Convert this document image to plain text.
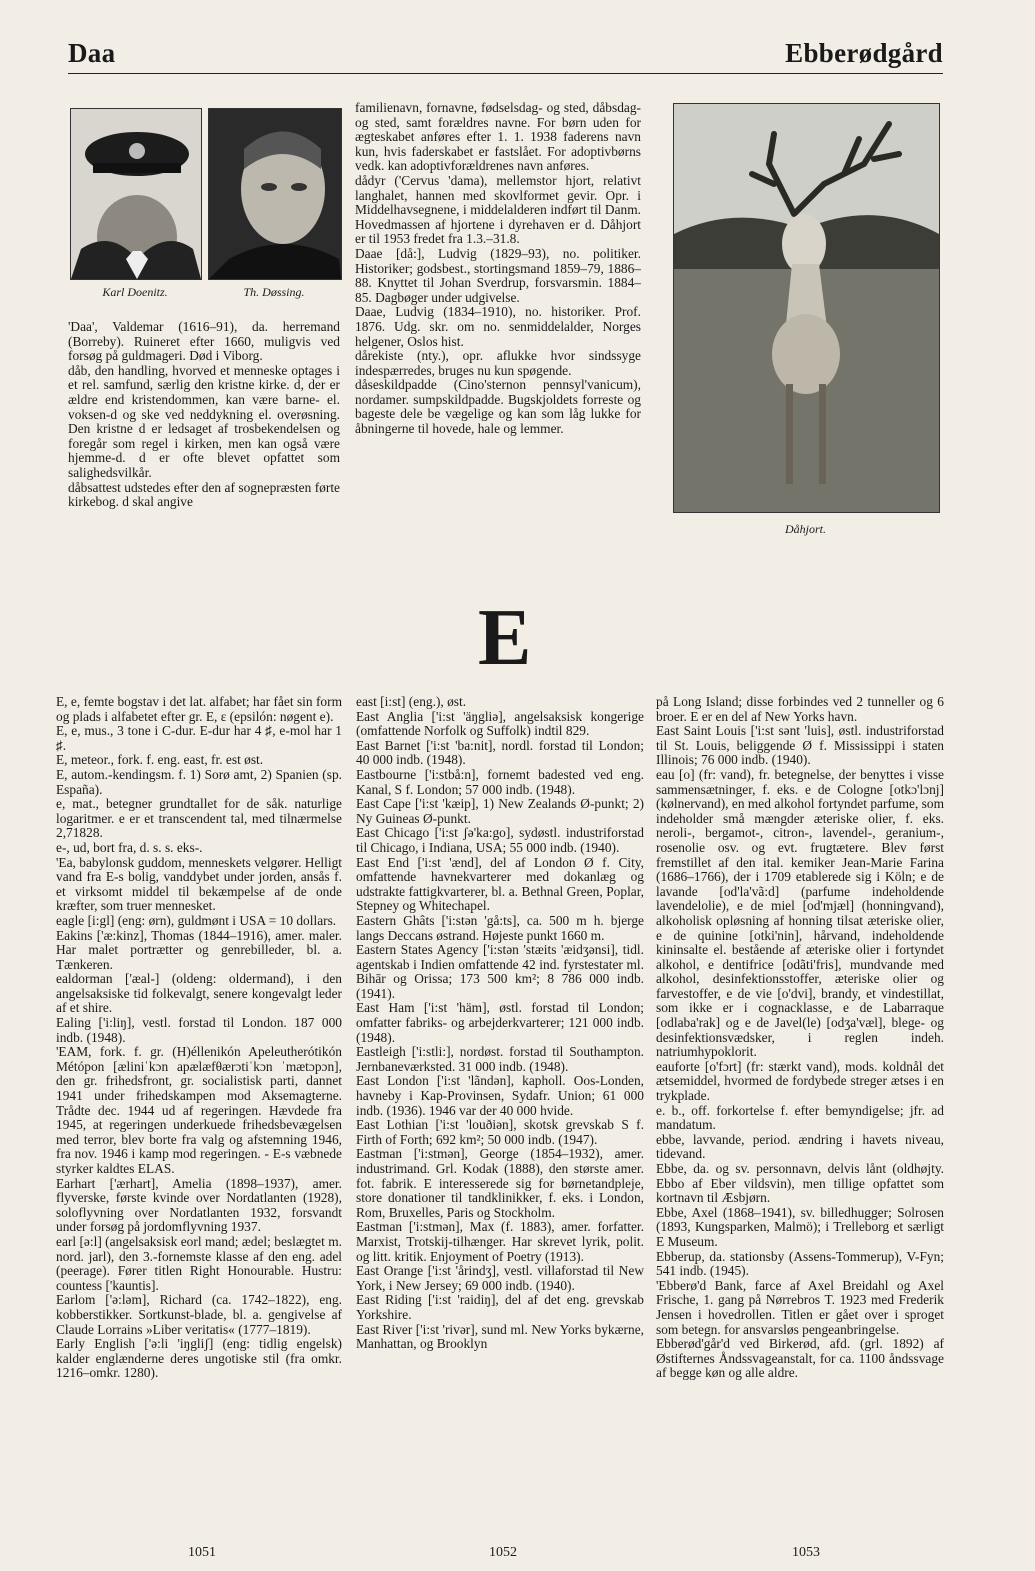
Daa	Ebberødgård
Karl Doenitz.	Th. Døssing.

'Daa', Valdemar (1616–91), da. herremand (Borreby). Ruineret efter 1660, muligvis ved forsøg på guldmageri. Død i Viborg.

dåb, den handling, hvorved et menneske optages i et rel. samfund, særlig den kristne kirke. d, der er ældre end kristendommen, kan være barne- el. voksen-d og ske ved neddykning el. overøsning. Den kristne d er ledsaget af trosbekendelsen og foregår som regel i kirken, men kan også være hjemme-d. d er ofte blevet opfattet som salighedsvilkår.

dåbsattest udstedes efter den af sognepræsten førte kirkebog. d skal angive

familienavn, fornavne, fødselsdag- og sted, dåbsdag- og sted, samt forældres navne. For børn uden for ægteskabet anføres efter 1. 1. 1938 faderens navn kun, hvis faderskabet er fastslået. For adoptivbørns vedk. kan adoptivforældrenes navn anføres.

dådyr ('Cervus 'dama), mellemstor hjort, relativt langhalet, hannen med skovlformet gevir. Opr. i Middelhavsegnene, i middelalderen indført til Danm. Hovedmassen af hjortene i dyrehaven er d. Dåhjort er til 1953 fredet fra 1.3.–31.8.

Daae [då:], Ludvig (1829–93), no. politiker. Historiker; godsbest., stortingsmand 1859–79, 1886–88. Knyttet til Johan Sverdrup, forsvarsmin. 1884–85. Dagbøger under udgivelse.

Daae, Ludvig (1834–1910), no. historiker. Prof. 1876. Udg. skr. om no. senmiddelalder, Norges helgener, Oslos hist.

dårekiste (nty.), opr. aflukke hvor sindssyge indespærredes, bruges nu kun spøgende.

dåseskildpadde (Cino'sternon pennsyl'vanicum), nordamer. sumpskildpadde. Bugskjoldets forreste og bageste dele be vægelige og kan som låg lukke for åbningerne til hovede, hale og lemmer.

Dåhjort.
E

E, e, femte bogstav i det lat. alfabet; har fået sin form og plads i alfabetet efter gr. E, ε (epsilón: nøgent e).

E, e, mus., 3 tone i C-dur. E-dur har 4 ♯, e-mol har 1 ♯.

E, meteor., fork. f. eng. east, fr. est øst.

E, autom.-kendingsm. f. 1) Sorø amt, 2) Spanien (sp. España).

e, mat., betegner grundtallet for de såk. naturlige logaritmer. e er et transcendent tal, med tilnærmelse 2,71828.

e-, ud, bort fra, d. s. s. eks-.

'Ea, babylonsk guddom, menneskets velgører. Helligt vand fra E-s bolig, vanddybet under jorden, ansås f. et virksomt middel til bekæmpelse af de onde kræfter, som truer mennesket.

eagle [i:gl] (eng: ørn), guldmønt i USA = 10 dollars.

Eakins ['æ:kinz], Thomas (1844–1916), amer. maler. Har malet portrætter og genrebilleder, bl. a. Tænkeren.

ealdorman ['æal-] (oldeng: oldermand), i den angelsaksiske tid folkevalgt, senere kongevalgt leder af et shire.

Ealing ['i:liŋ], vestl. forstad til London. 187 000 indb. (1948).

'EAM, fork. f. gr. (H)éllenikón Apeleutherótikón Métópon [æliniˈkɔn apælæfθærɔtiˈkɔn ˈmætɔpɔn], den gr. frihedsfront, gr. socialistisk parti, dannet 1941 under frihedskampen mod Aksemagterne. Trådte dec. 1944 ud af regeringen. Hævdede fra 1945, at regeringen underkuede frihedsbevægelsen med terror, blev borte fra valg og afstemning 1946, fra nov. 1946 i kamp mod regeringen. - E-s væbnede styrker kaldtes ELAS.

Earhart ['ærhart], Amelia (1898–1937), amer. flyverske, første kvinde over Nordatlanten (1928), soloflyvning over Nordatlanten 1932, forsvandt under forsøg på jordomflyvning 1937.

earl [ə:l] (angelsaksisk eorl mand; ædel; beslægtet m. nord. jarl), den 3.-fornemste klasse af den eng. adel (peerage). Fører titlen Right Honourable. Hustru: countess ['kauntis].

Earlom ['ə:ləm], Richard (ca. 1742–1822), eng. kobberstikker. Sortkunst-blade, bl. a. gengivelse af Claude Lorrains »Liber veritatis« (1777–1819).

Early English ['ə:li 'iŋgliʃ] (eng: tidlig engelsk) kalder englænderne deres ungotiske stil (fra omkr. 1216–omkr. 1280).

east [i:st] (eng.), øst.

East Anglia ['i:st 'äŋgliə], angelsaksisk kongerige (omfattende Norfolk og Suffolk) indtil 829.

East Barnet ['i:st 'ba:nit], nordl. forstad til London; 40 000 indb. (1948).

Eastbourne ['i:stbå:n], fornemt badested ved eng. Kanal, S f. London; 57 000 indb. (1948).

East Cape ['i:st 'kæip], 1) New Zealands Ø-punkt; 2) Ny Guineas Ø-punkt.

East Chicago ['i:st ʃə'ka:go], sydøstl. industriforstad til Chicago, i Indiana, USA; 55 000 indb. (1940).

East End ['i:st 'ænd], del af London Ø f. City, omfattende havnekvarterer med dokanlæg og udstrakte fattigkvarterer, bl. a. Bethnal Green, Poplar, Stepney og Whitechapel.

Eastern Ghâts ['i:stən 'gå:ts], ca. 500 m h. bjerge langs Deccans østrand. Højeste punkt 1660 m.

Eastern States Agency ['i:stən 'stæits 'æidʒənsi], tidl. agentskab i Indien omfattende 42 ind. fyrstestater ml. Bihār og Orissa; 173 500 km²; 8 786 000 indb. (1941).

East Ham ['i:st 'häm], østl. forstad til London; omfatter fabriks- og arbejderkvarterer; 121 000 indb. (1948).

Eastleigh ['i:stli:], nordøst. forstad til Southampton. Jernbaneværksted. 31 000 indb. (1948).

East London ['i:st 'lãndən], kapholl. Oos-Londen, havneby i Kap-Provinsen, Sydafr. Union; 61 000 indb. (1936). 1946 var der 40 000 hvide.

East Lothian ['i:st 'louðiən], skotsk grevskab S f. Firth of Forth; 692 km²; 50 000 indb. (1947).

Eastman ['i:stmən], George (1854–1932), amer. industrimand. Grl. Kodak (1888), den største amer. fot. fabrik. E interesserede sig for børnetandpleje, store donationer til tandklinikker, f. eks. i London, Rom, Bruxelles, Paris og Stockholm.

Eastman ['i:stmən], Max (f. 1883), amer. forfatter. Marxist, Trotskij-tilhænger. Har skrevet lyrik, polit. og litt. kritik. Enjoyment of Poetry (1913).

East Orange ['i:st 'årindʒ], vestl. villaforstad til New York, i New Jersey; 69 000 indb. (1940).

East Riding ['i:st 'raidiŋ], del af det eng. grevskab Yorkshire.

East River ['i:st 'rivər], sund ml. New Yorks bykærne, Manhattan, og Brooklyn

på Long Island; disse forbindes ved 2 tunneller og 6 broer. E er en del af New Yorks havn.

East Saint Louis ['i:st sənt 'luis], østl. industriforstad til St. Louis, beliggende Ø f. Mississippi i staten Illinois; 76 000 indb. (1940).

eau [o] (fr: vand), fr. betegnelse, der benyttes i visse sammensætninger, f. eks. e de Cologne [otkɔ'lɔnj] (kølnervand), en med alkohol fortyndet parfume, som indeholder små mængder æteriske olier, f. eks. neroli-, bergamot-, citron-, lavendel-, geranium-, rosenolie osv. og evt. frugtætere. Blev først fremstillet af den ital. kemiker Jean-Marie Farina (1686–1766), der i 1709 etablerede sig i Köln; e de lavande [od'la'vã:d] (parfume indeholdende lavendelolie), e de miel [od'mjæl] (honningvand), alkoholisk opløsning af honning tilsat æteriske olier, e de quinine [otki'nin], hårvand, indeholdende kininsalte el. bestående af æteriske olier i fortyndet alkohol, e dentifrice [odãti'fris], mundvande med alkohol, desinfektionsstoffer, æteriske olier og farvestoffer, e de vie [o'dvi], brandy, et vindestillat, som ikke er i cognacklasse, e de Labarraque [odlaba'rak] og e de Javel(le) [odʒa'væl], blege- og desinfektionsvædsker, i reglen indeh. natriumhypoklorit.

eauforte [o'fɔrt] (fr: stærkt vand), mods. koldnål det ætsemiddel, hvormed de fordybede streger ætses i en trykplade.

e. b., off. forkortelse f. efter bemyndigelse; jfr. ad mandatum.

ebbe, lavvande, period. ændring i havets niveau, tidevand.

Ebbe, da. og sv. personnavn, delvis lånt (oldhøjty. Ebbo af Eber vildsvin), men tillige opfattet som kortnavn til Æsbjørn.

Ebbe, Axel (1868–1941), sv. billedhugger; Solrosen (1893, Kungsparken, Malmö); i Trelleborg et særligt E Museum.

Ebberup, da. stationsby (Assens-Tommerup), V-Fyn; 541 indb. (1945).

'Ebberø'd Bank, farce af Axel Breidahl og Axel Frische, 1. gang på Nørrebros T. 1923 med Frederik Jensen i hovedrollen. Titlen er gået over i sproget som betegn. for ansvarsløs pengeanbringelse.

Ebberød'går'd ved Birkerød, afd. (grl. 1892) af Østifternes Åndssvageanstalt, for ca. 1100 åndssvage af begge køn og alle aldre.

1051	1052	1053
